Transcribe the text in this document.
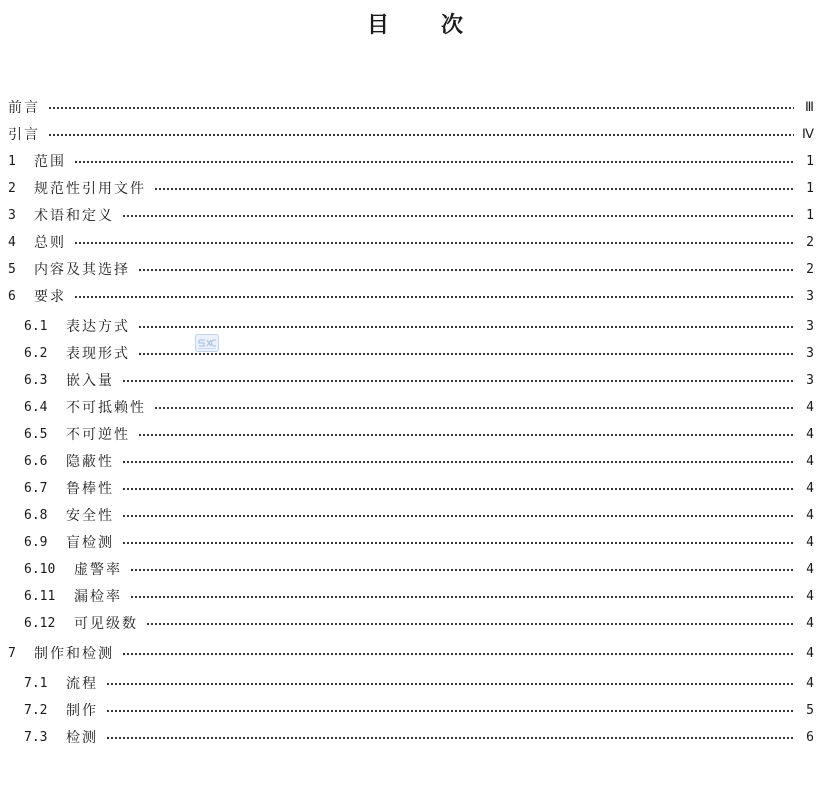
目 次
前言	Ⅲ
引言	Ⅳ
1	范围	1
2	规范性引用文件	1
3	术语和定义	1
4	总则	2
5	内容及其选择	2
6	要求	3
6.1	表达方式	3
6.2	表现形式	3
6.3	嵌入量	3
6.4	不可抵赖性	4
6.5	不可逆性	4
6.6	隐蔽性	4
6.7	鲁棒性	4
6.8	安全性	4
6.9	盲检测	4
6.10	虚警率	4
6.11	漏检率	4
6.12	可见级数	4
7	制作和检测	4
7.1	流程	4
7.2	制作	5
7.3	检测	6
